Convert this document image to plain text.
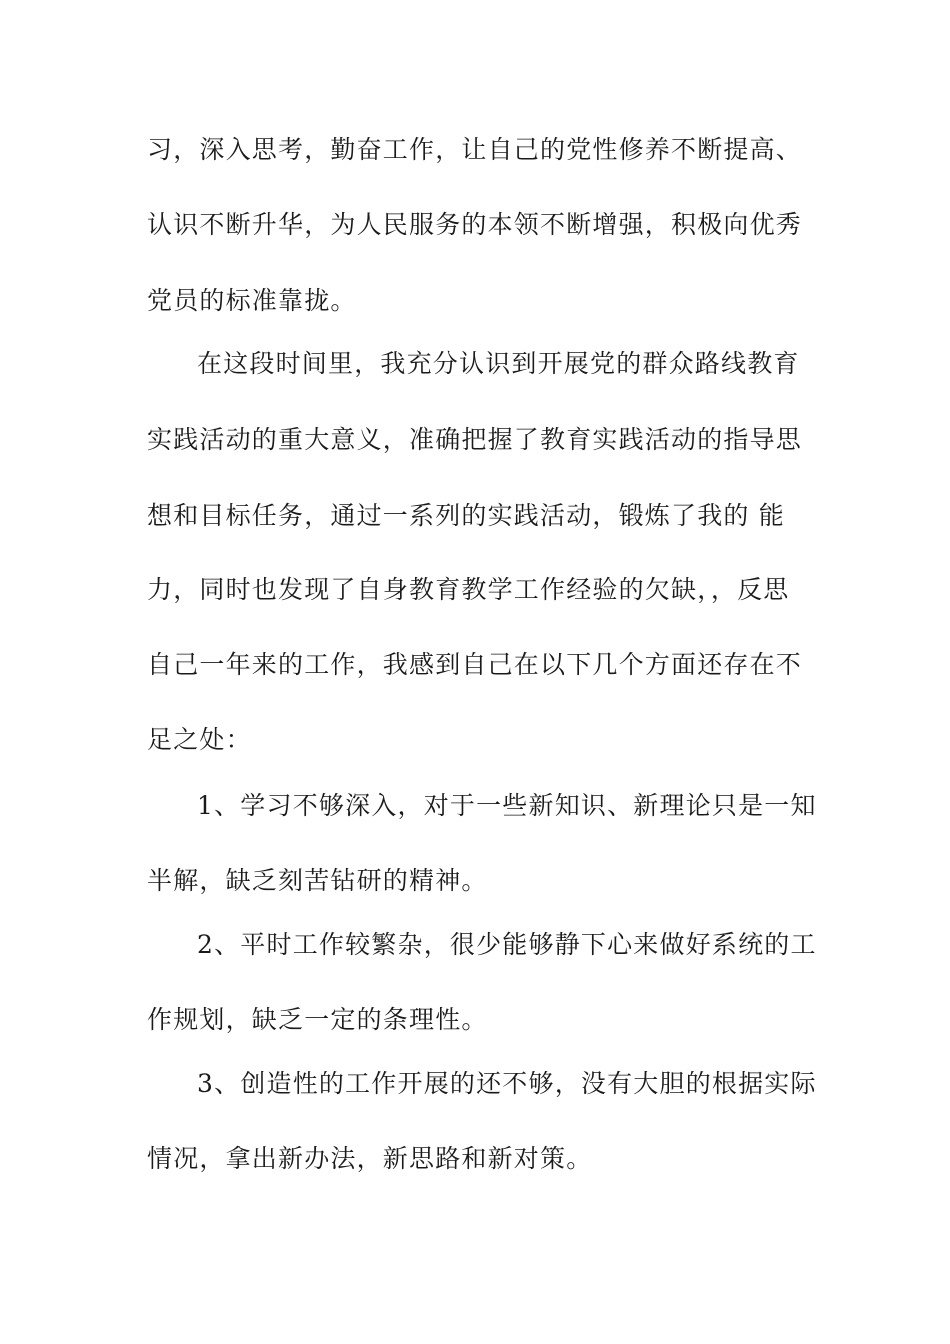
习，深入思考，勤奋工作，让自己的党性修养不断提高、
认识不断升华，为人民服务的本领不断增强，积极向优秀
党员的标准靠拢。
在这段时间里，我充分认识到开展党的群众路线教育
实践活动的重大意义，准确把握了教育实践活动的指导思
想和目标任务，通过一系列的实践活动，锻炼了我的 能
力，同时也发现了自身教育教学工作经验的欠缺，，反思
自己一年来的工作，我感到自己在以下几个方面还存在不
足之处：
1、学习不够深入，对于一些新知识、新理论只是一知
半解，缺乏刻苦钻研的精神。
2、平时工作较繁杂，很少能够静下心来做好系统的工
作规划，缺乏一定的条理性。
3、创造性的工作开展的还不够，没有大胆的根据实际
情况，拿出新办法，新思路和新对策。
